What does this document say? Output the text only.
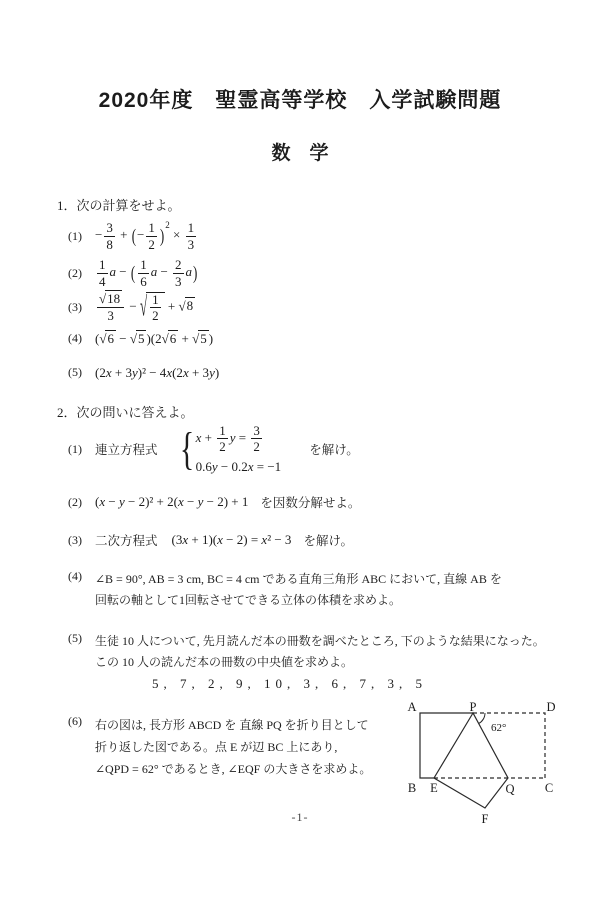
2020年度　聖霊高等学校　入学試験問題
数　学
1．次の計算をせよ。
(1)	− $\frac{3}{8}$ + (− $\frac{1}{2} )^2 \times \frac{1}{3}$
(2)	$\frac{1}{4}$ a − ( $\frac{1}{6}$ $a - \frac{2}{3} a$)
(3)	$\frac{√ 18}{3}$ − √ $\frac{1}{2}$ + √ 8
(4)	(√ 6 − √ 5 )(2√ 6 + √ 5 )
(5)	(2x + 3y)² − 4x(2x + 3y)
2．次の問いに答えよ。
(1)	連立方程式 { $x + \frac{1}{2}$ $y = \frac{3}{2}$
0.6y − 0.2x = −1
を解け。
(2)	(x − y − 2)² + 2(x − y − 2) + 1 を因数分解せよ。
(3)	二次方程式 (3x + 1)(x − 2) = x² − 3 を解け。
(4)	∠B = 90°, AB = 3 cm, BC = 4 cm である直角三角形 ABC において, 直線 AB を
回転の軸として1回転させてできる立体の体積を求めよ。
(5)	生徒 10 人について, 先月読んだ本の冊数を調べたところ, 下のような結果になった。
この 10 人の読んだ本の冊数の中央値を求めよ。
5, 7, 2, 9, 10, 3, 6, 7, 3, 5
(6)	右の図は, 長方形 ABCD を 直線 PQ を折り目として
折り返した図である。点 E が辺 BC 上にあり,
∠QPD = 62° であるとき, ∠EQF の大きさを求めよ。
A	P	D
62°
B E	Q C
F
-1-
